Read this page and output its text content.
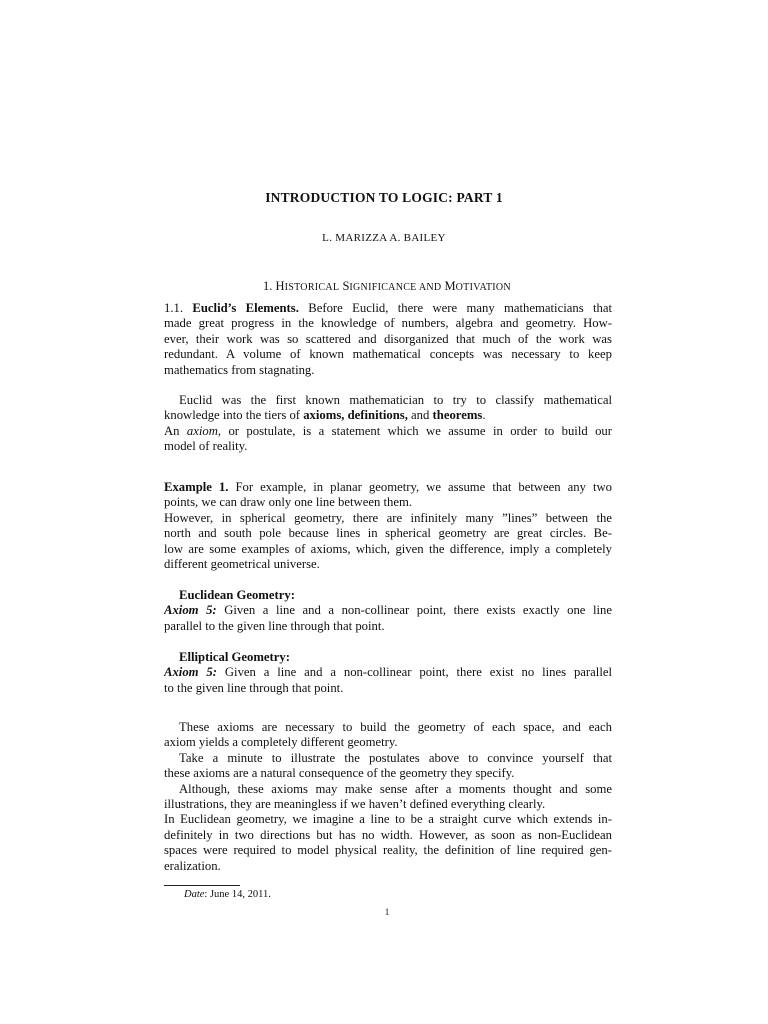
INTRODUCTION TO LOGIC: PART 1
L. MARIZZA A. BAILEY
1. HISTORICAL SIGNIFICANCE AND MOTIVATION
1.1. Euclid’s Elements. Before Euclid, there were many mathematicians that
made great progress in the knowledge of numbers, algebra and geometry. How-
ever, their work was so scattered and disorganized that much of the work was
redundant. A volume of known mathematical concepts was necessary to keep
mathematics from stagnating.
Euclid was the first known mathematician to try to classify mathematical
knowledge into the tiers of axioms, definitions, and theorems.
An axiom, or postulate, is a statement which we assume in order to build our
model of reality.
Example 1. For example, in planar geometry, we assume that between any two
points, we can draw only one line between them.
However, in spherical geometry, there are infinitely many ”lines” between the
north and south pole because lines in spherical geometry are great circles. Be-
low are some examples of axioms, which, given the difference, imply a completely
different geometrical universe.
Euclidean Geometry:
Axiom 5: Given a line and a non-collinear point, there exists exactly one line
parallel to the given line through that point.
Elliptical Geometry:
Axiom 5: Given a line and a non-collinear point, there exist no lines parallel
to the given line through that point.
These axioms are necessary to build the geometry of each space, and each
axiom yields a completely different geometry.
Take a minute to illustrate the postulates above to convince yourself that
these axioms are a natural consequence of the geometry they specify.
Although, these axioms may make sense after a moments thought and some
illustrations, they are meaningless if we haven’t defined everything clearly.
In Euclidean geometry, we imagine a line to be a straight curve which extends in-
definitely in two directions but has no width. However, as soon as non-Euclidean
spaces were required to model physical reality, the definition of line required gen-
eralization.
Date: June 14, 2011.
1
